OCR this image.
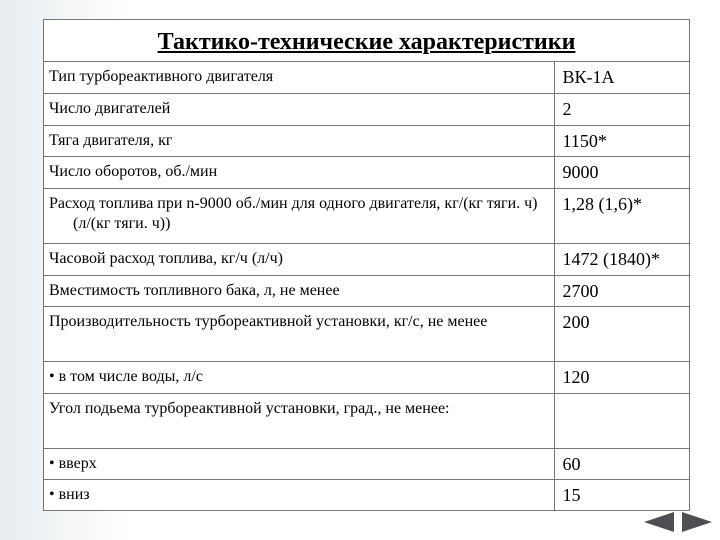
Тактико-технические характеристики
Тип турбореактивного двигателя	ВК-1А

Число двигателей	2

Тяга двигателя, кг	1150*

Число оборотов, об./мин	9000

Расход топлива при n-9000 об./мин для одного двигателя, кг/(кг тяги. ч) (л/(кг тяги. ч))	1,28 (1,6)*

Часовой расход топлива, кг/ч (л/ч)	1472 (1840)*

Вместимость топливного бака, л, не менее	2700

Производительность турбореактивной установки, кг/с, не менее	200

• в том числе воды, л/с	120

Угол подьема турбореактивной установки, град., не менее:	

• вверх	60

• вниз	15
